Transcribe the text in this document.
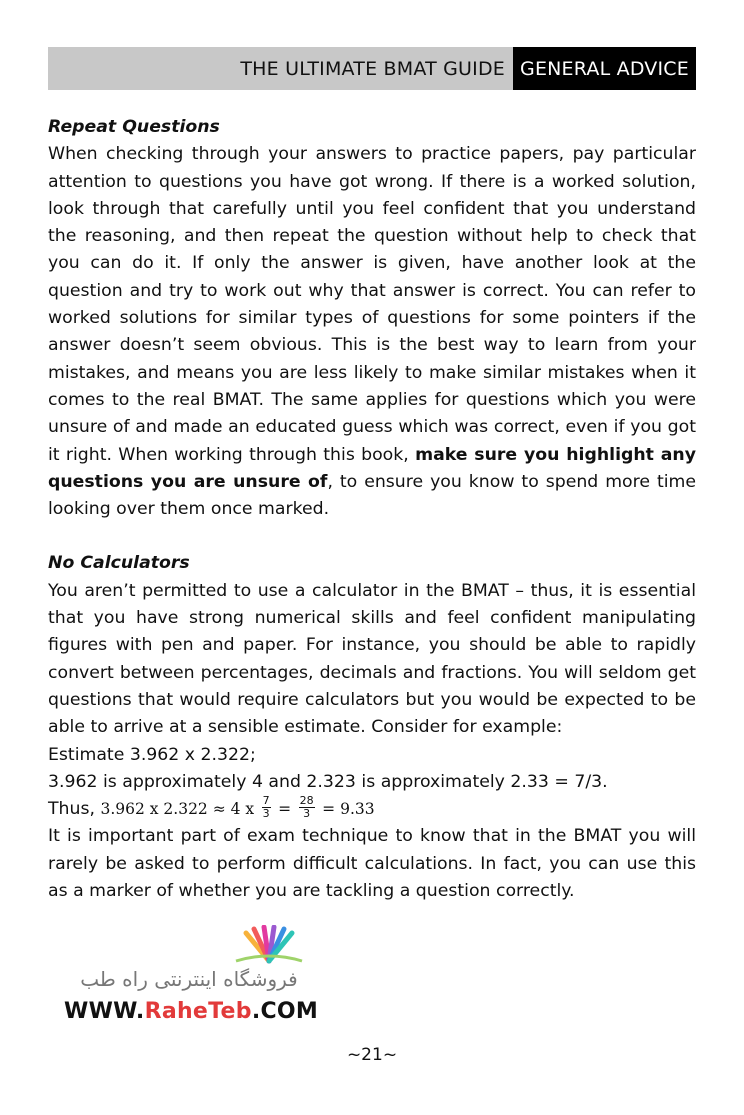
THE ULTIMATE BMAT GUIDE GENERAL ADVICE

Repeat Questions

When checking through your answers to practice papers, pay particular attention to questions you have got wrong. If there is a worked solution, look through that carefully until you feel confident that you understand the reasoning, and then repeat the question without help to check that you can do it. If only the answer is given, have another look at the question and try to work out why that answer is correct. You can refer to worked solutions for similar types of questions for some pointers if the answer doesn’t seem obvious. This is the best way to learn from your mistakes, and means you are less likely to make similar mistakes when it comes to the real BMAT. The same applies for questions which you were unsure of and made an educated guess which was correct, even if you got it right. When working through this book, make sure you highlight any questions you are unsure of, to ensure you know to spend more time looking over them once marked.

No Calculators

You aren’t permitted to use a calculator in the BMAT – thus, it is essential that you have strong numerical skills and feel confident manipulating figures with pen and paper. For instance, you should be able to rapidly convert between percentages, decimals and fractions. You will seldom get questions that would require calculators but you would be expected to be able to arrive at a sensible estimate. Consider for example:

Estimate 3.962 x 2.322;

3.962 is approximately 4 and 2.323 is approximately 2.33 = 7/3.

Thus, 3.962 x 2.322 ≈ 4 x $\frac{7}{3} = \frac{28}{3} = 9.33$

It is important part of exam technique to know that in the BMAT you will rarely be asked to perform difficult calculations. In fact, you can use this as a marker of whether you are tackling a question correctly.

فروشگاه اینترنتی راه طب
WWW.RaheTeb.COM
~21~
